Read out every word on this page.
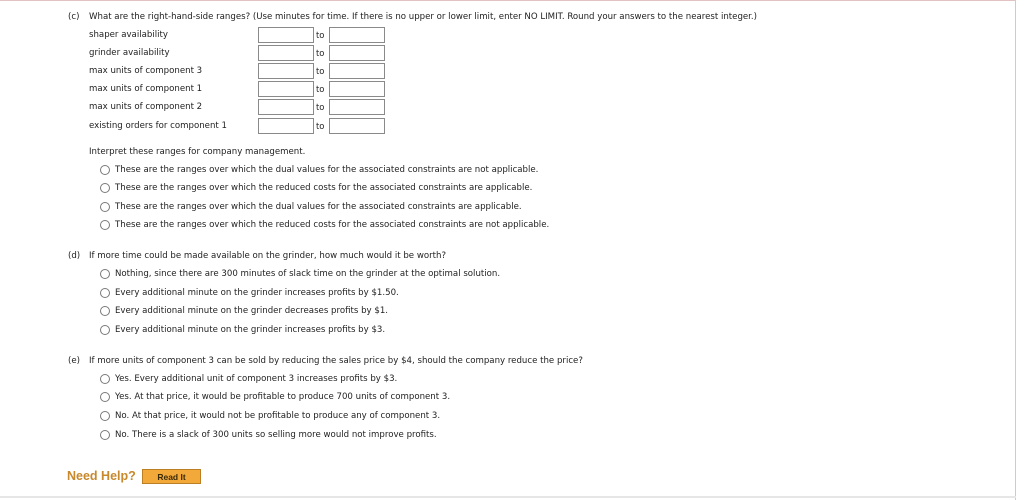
(c) What are the right-hand-side ranges? (Use minutes for time. If there is no upper or lower limit, enter NO LIMIT. Round your answers to the nearest integer.)
shaper availability	to
grinder availability	to
max units of component 3	to
max units of component 1	to
max units of component 2	to
existing orders for component 1	to
Interpret these ranges for company management.
These are the ranges over which the dual values for the associated constraints are not applicable.
These are the ranges over which the reduced costs for the associated constraints are applicable.
These are the ranges over which the dual values for the associated constraints are applicable.
These are the ranges over which the reduced costs for the associated constraints are not applicable.
(d) If more time could be made available on the grinder, how much would it be worth?
Nothing, since there are 300 minutes of slack time on the grinder at the optimal solution.
Every additional minute on the grinder increases profits by $1.50.
Every additional minute on the grinder decreases profits by $1.
Every additional minute on the grinder increases profits by $3.
(e) If more units of component 3 can be sold by reducing the sales price by $4, should the company reduce the price?
Yes. Every additional unit of component 3 increases profits by $3.
Yes. At that price, it would be profitable to produce 700 units of component 3.
No. At that price, it would not be profitable to produce any of component 3.
No. There is a slack of 300 units so selling more would not improve profits.
Need Help?	Read It
